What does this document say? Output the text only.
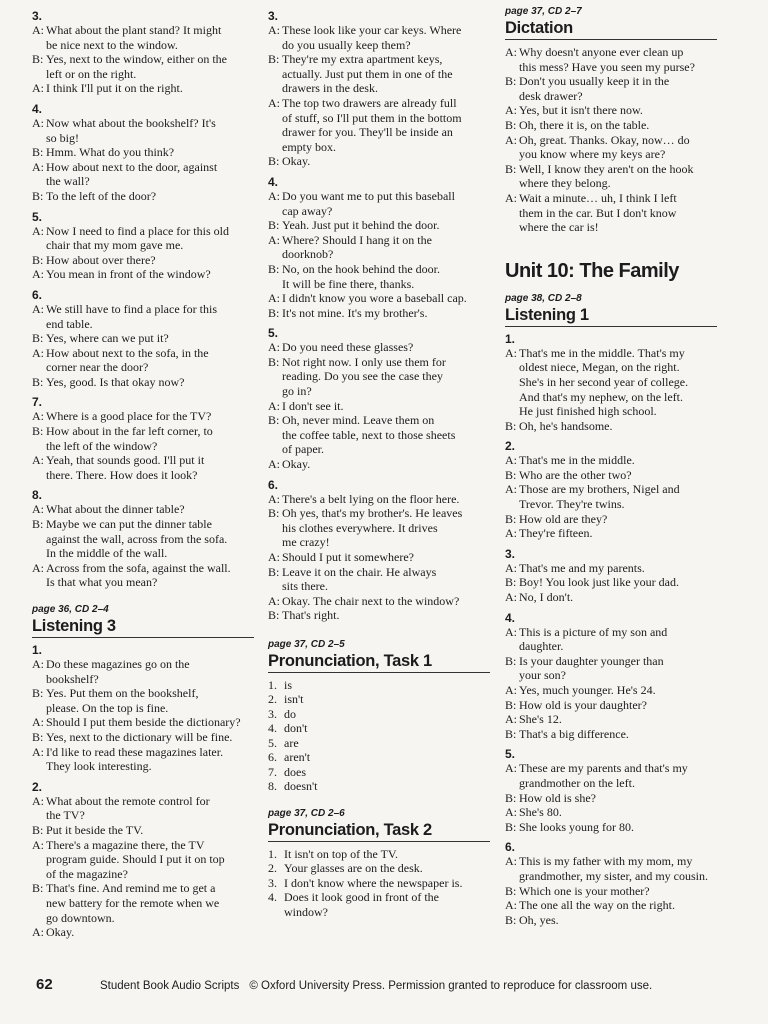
3.
A: What about the plant stand? It might
be nice next to the window.
B: Yes, next to the window, either on the
left or on the right.
A: I think I'll put it on the right.
4.
A: Now what about the bookshelf? It's
so big!
B: Hmm. What do you think?
A: How about next to the door, against
the wall?
B: To the left of the door?
5.
A: Now I need to find a place for this old
chair that my mom gave me.
B: How about over there?
A: You mean in front of the window?
6.
A: We still have to find a place for this
end table.
B: Yes, where can we put it?
A: How about next to the sofa, in the
corner near the door?
B: Yes, good. Is that okay now?
7.
A: Where is a good place for the TV?
B: How about in the far left corner, to
the left of the window?
A: Yeah, that sounds good. I'll put it
there. There. How does it look?
8.
A: What about the dinner table?
B: Maybe we can put the dinner table
against the wall, across from the sofa.
In the middle of the wall.
A: Across from the sofa, against the wall.
Is that what you mean?
page 36, CD 2–4
Listening 3
1.
A: Do these magazines go on the
bookshelf?
B: Yes. Put them on the bookshelf,
please. On the top is fine.
A: Should I put them beside the dictionary?
B: Yes, next to the dictionary will be fine.
A: I'd like to read these magazines later.
They look interesting.
2.
A: What about the remote control for
the TV?
B: Put it beside the TV.
A: There's a magazine there, the TV
program guide. Should I put it on top
of the magazine?
B: That's fine. And remind me to get a
new battery for the remote when we
go downtown.
A: Okay.
3.
A: These look like your car keys. Where
do you usually keep them?
B: They're my extra apartment keys,
actually. Just put them in one of the
drawers in the desk.
A: The top two drawers are already full
of stuff, so I'll put them in the bottom
drawer for you. They'll be inside an
empty box.
B: Okay.
4.
A: Do you want me to put this baseball
cap away?
B: Yeah. Just put it behind the door.
A: Where? Should I hang it on the
doorknob?
B: No, on the hook behind the door.
It will be fine there, thanks.
A: I didn't know you wore a baseball cap.
B: It's not mine. It's my brother's.
5.
A: Do you need these glasses?
B: Not right now. I only use them for
reading. Do you see the case they
go in?
A: I don't see it.
B: Oh, never mind. Leave them on
the coffee table, next to those sheets
of paper.
A: Okay.
6.
A: There's a belt lying on the floor here.
B: Oh yes, that's my brother's. He leaves
his clothes everywhere. It drives
me crazy!
A: Should I put it somewhere?
B: Leave it on the chair. He always
sits there.
A: Okay. The chair next to the window?
B: That's right.
page 37, CD 2–5
Pronunciation, Task 1
1. is
2. isn't
3. do
4. don't
5. are
6. aren't
7. does
8. doesn't
page 37, CD 2–6
Pronunciation, Task 2
1. It isn't on top of the TV.
2. Your glasses are on the desk.
3. I don't know where the newspaper is.
4. Does it look good in front of the
window?
page 37, CD 2–7
Dictation
A: Why doesn't anyone ever clean up
this mess? Have you seen my purse?
B: Don't you usually keep it in the
desk drawer?
A: Yes, but it isn't there now.
B: Oh, there it is, on the table.
A: Oh, great. Thanks. Okay, now… do
you know where my keys are?
B: Well, I know they aren't on the hook
where they belong.
A: Wait a minute… uh, I think I left
them in the car. But I don't know
where the car is!
Unit 10: The Family
page 38, CD 2–8
Listening 1
1.
A: That's me in the middle. That's my
oldest niece, Megan, on the right.
She's in her second year of college.
And that's my nephew, on the left.
He just finished high school.
B: Oh, he's handsome.
2.
A: That's me in the middle.
B: Who are the other two?
A: Those are my brothers, Nigel and
Trevor. They're twins.
B: How old are they?
A: They're fifteen.
3.
A: That's me and my parents.
B: Boy! You look just like your dad.
A: No, I don't.
4.
A: This is a picture of my son and
daughter.
B: Is your daughter younger than
your son?
A: Yes, much younger. He's 24.
B: How old is your daughter?
A: She's 12.
B: That's a big difference.
5.
A: These are my parents and that's my
grandmother on the left.
B: How old is she?
A: She's 80.
B: She looks young for 80.
6.
A: This is my father with my mom, my
grandmother, my sister, and my cousin.
B: Which one is your mother?
A: The one all the way on the right.
B: Oh, yes.
62	Student Book Audio Scripts © Oxford University Press. Permission granted to reproduce for classroom use.
